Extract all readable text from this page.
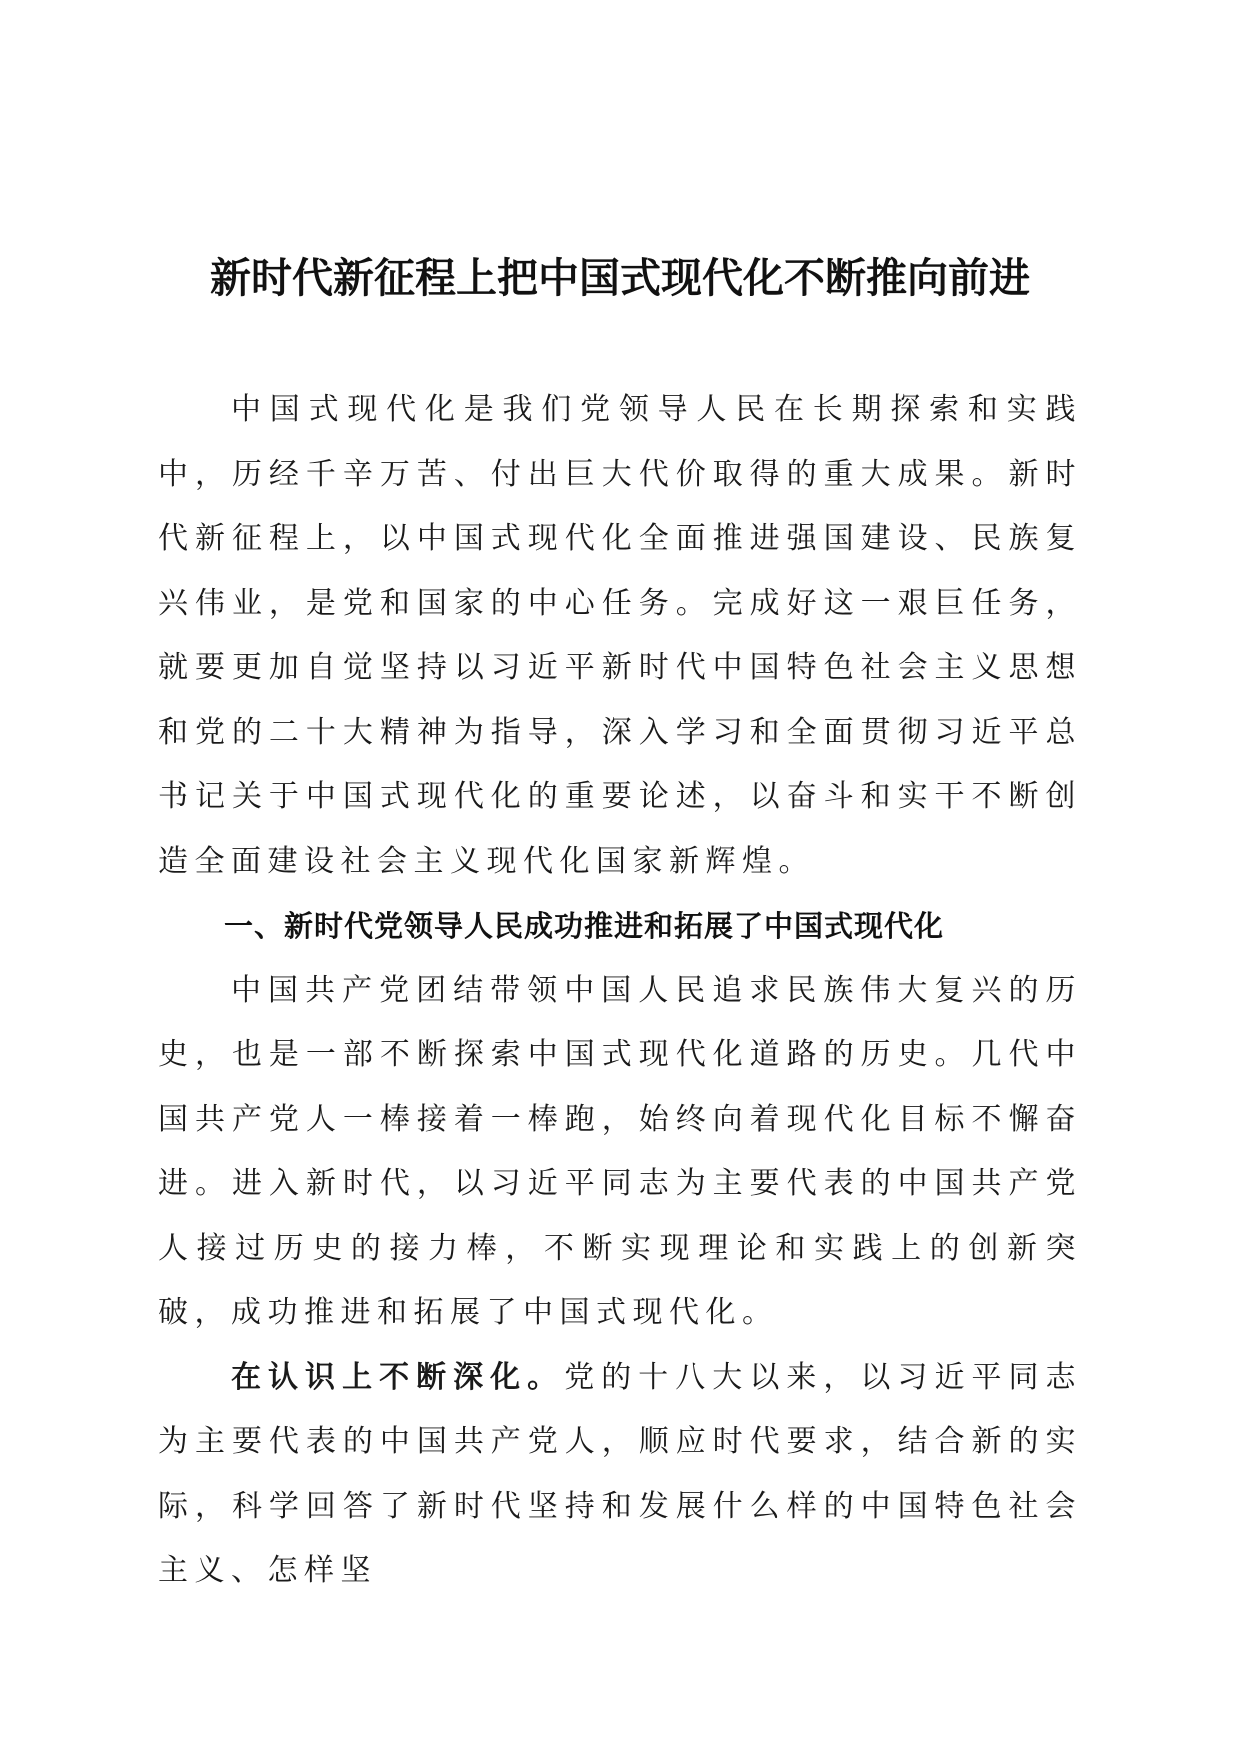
新时代新征程上把中国式现代化不断推向前进

中国式现代化是我们党领导人民在长期探索和实践中，历经千辛万苦、付出巨大代价取得的重大成果。新时代新征程上，以中国式现代化全面推进强国建设、民族复兴伟业，是党和国家的中心任务。完成好这一艰巨任务，就要更加自觉坚持以习近平新时代中国特色社会主义思想和党的二十大精神为指导，深入学习和全面贯彻习近平总书记关于中国式现代化的重要论述，以奋斗和实干不断创造全面建设社会主义现代化国家新辉煌。

一、新时代党领导人民成功推进和拓展了中国式现代化

中国共产党团结带领中国人民追求民族伟大复兴的历史，也是一部不断探索中国式现代化道路的历史。几代中国共产党人一棒接着一棒跑，始终向着现代化目标不懈奋进。进入新时代，以习近平同志为主要代表的中国共产党人接过历史的接力棒，不断实现理论和实践上的创新突破，成功推进和拓展了中国式现代化。

在认识上不断深化。党的十八大以来，以习近平同志为主要代表的中国共产党人，顺应时代要求，结合新的实际，科学回答了新时代坚持和发展什么样的中国特色社会主义、怎样坚
